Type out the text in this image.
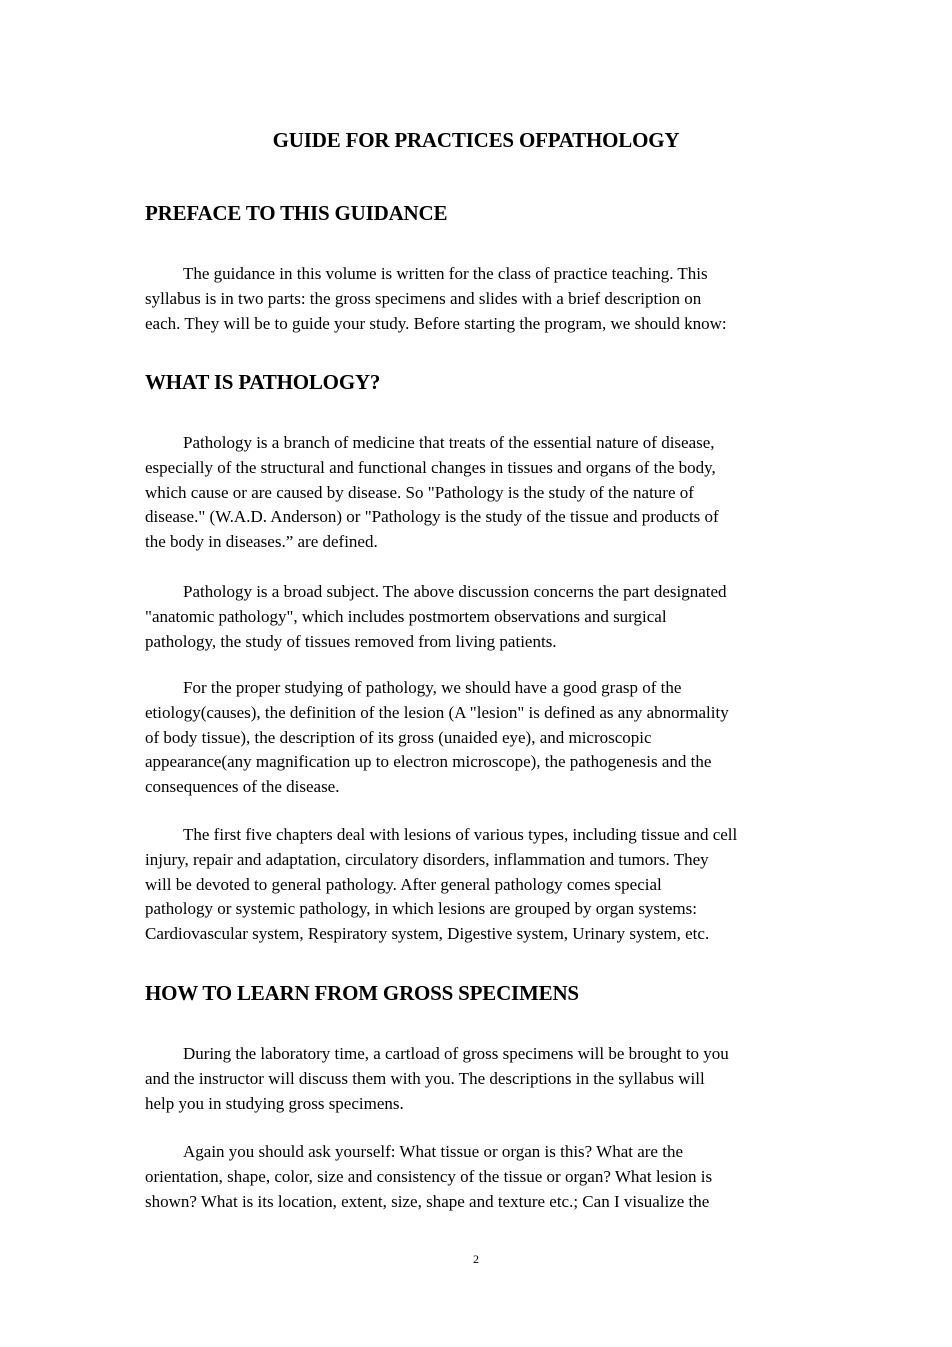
GUIDE FOR PRACTICES OFPATHOLOGY
PREFACE TO THIS GUIDANCE

The guidance in this volume is written for the class of practice teaching. This
syllabus is in two parts: the gross specimens and slides with a brief description on
each. They will be to guide your study. Before starting the program, we should know:

WHAT IS PATHOLOGY?

Pathology is a branch of medicine that treats of the essential nature of disease,
especially of the structural and functional changes in tissues and organs of the body,
which cause or are caused by disease. So "Pathology is the study of the nature of
disease." (W.A.D. Anderson) or "Pathology is the study of the tissue and products of
the body in diseases.” are defined.

Pathology is a broad subject. The above discussion concerns the part designated
"anatomic pathology", which includes postmortem observations and surgical
pathology, the study of tissues removed from living patients.

For the proper studying of pathology, we should have a good grasp of the
etiology(causes), the definition of the lesion (A "lesion" is defined as any abnormality
of body tissue), the description of its gross (unaided eye), and microscopic
appearance(any magnification up to electron microscope), the pathogenesis and the
consequences of the disease.

The first five chapters deal with lesions of various types, including tissue and cell
injury, repair and adaptation, circulatory disorders, inflammation and tumors. They
will be devoted to general pathology. After general pathology comes special
pathology or systemic pathology, in which lesions are grouped by organ systems:
Cardiovascular system, Respiratory system, Digestive system, Urinary system, etc.

HOW TO LEARN FROM GROSS SPECIMENS

During the laboratory time, a cartload of gross specimens will be brought to you
and the instructor will discuss them with you. The descriptions in the syllabus will
help you in studying gross specimens.

Again you should ask yourself: What tissue or organ is this? What are the
orientation, shape, color, size and consistency of the tissue or organ? What lesion is
shown? What is its location, extent, size, shape and texture etc.; Can I visualize the

2
